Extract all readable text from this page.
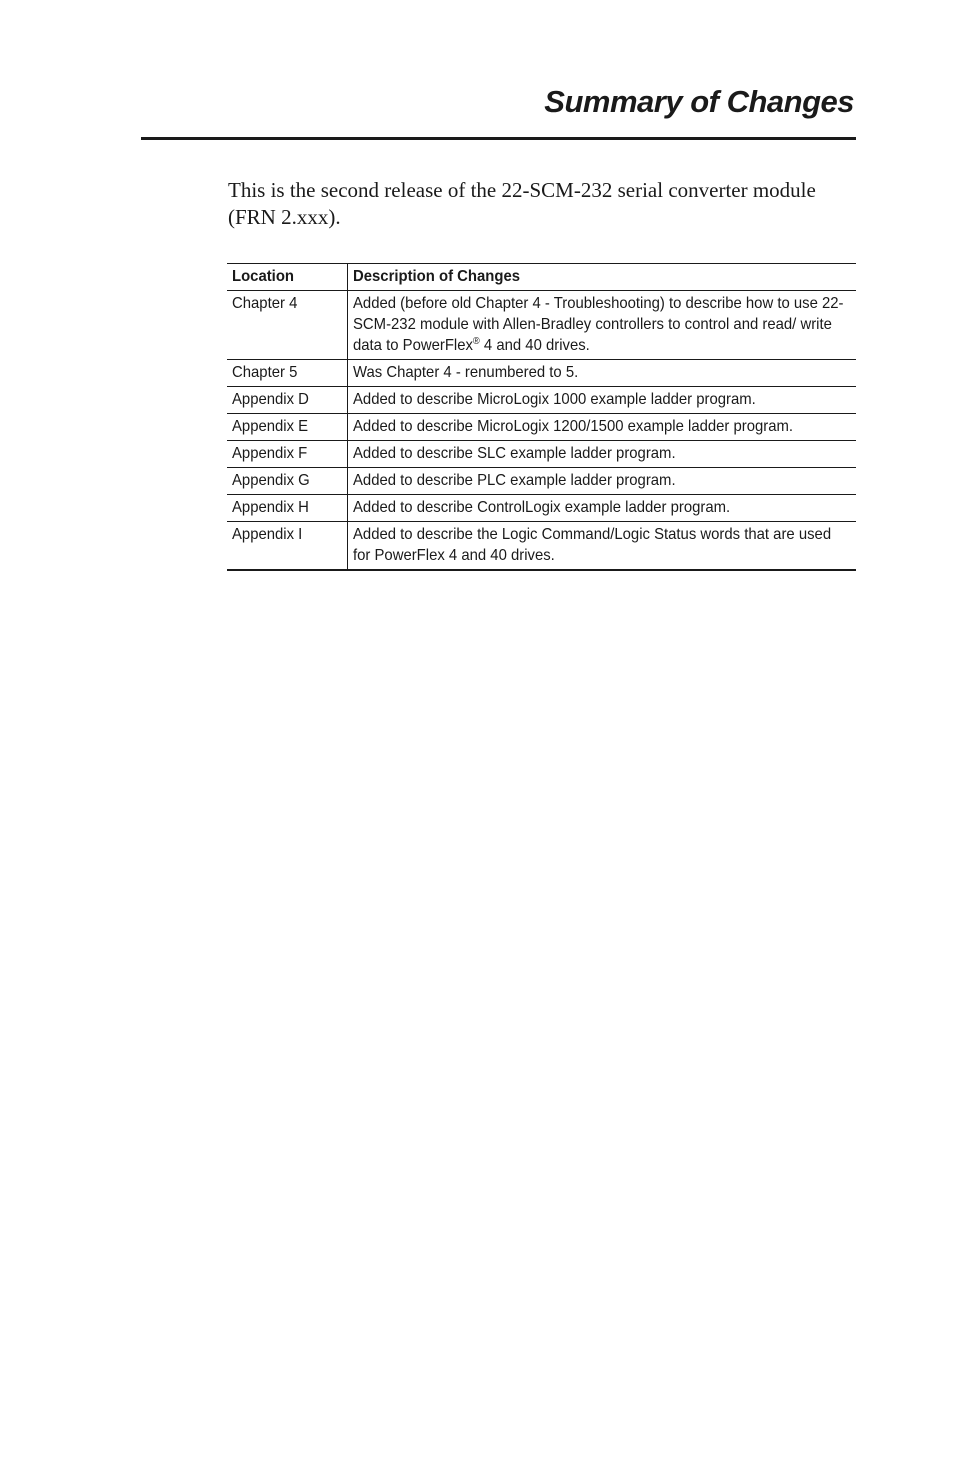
Summary of Changes

This is the second release of the 22-SCM-232 serial converter module (FRN 2.xxx).

Location	Description of Changes
Chapter 4	Added (before old Chapter 4 - Troubleshooting) to describe how to use 22-SCM-232 module with Allen-Bradley controllers to control and read/ write data to PowerFlex® 4 and 40 drives.
Chapter 5	Was Chapter 4 - renumbered to 5.
Appendix D	Added to describe MicroLogix 1000 example ladder program.
Appendix E	Added to describe MicroLogix 1200/1500 example ladder program.
Appendix F	Added to describe SLC example ladder program.
Appendix G	Added to describe PLC example ladder program.
Appendix H	Added to describe ControlLogix example ladder program.
Appendix I	Added to describe the Logic Command/Logic Status words that are used for PowerFlex 4 and 40 drives.
